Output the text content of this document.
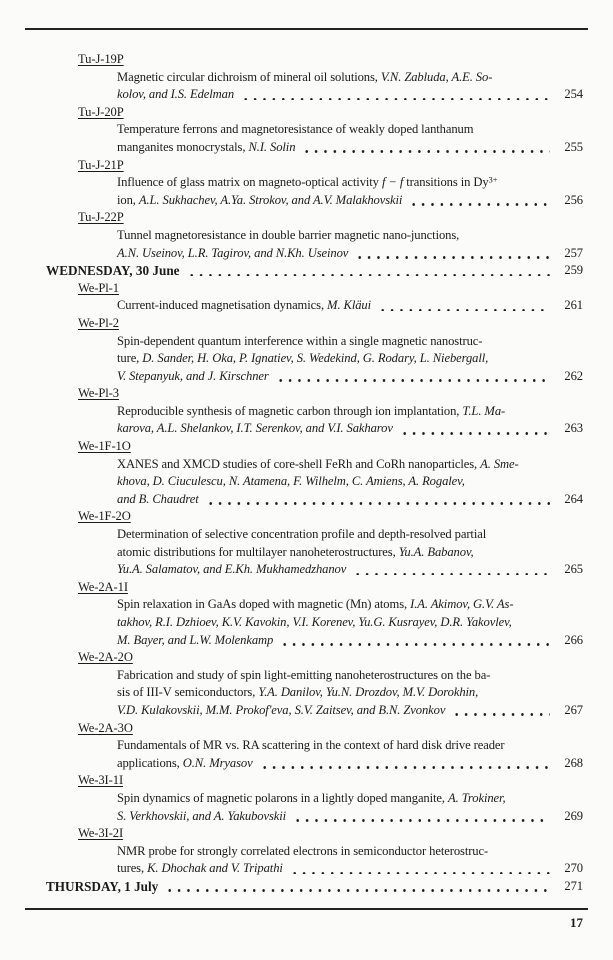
Tu-J-19P
Magnetic circular dichroism of mineral oil solutions, V.N. Zabluda, A.E. So-
kolov, and I.S. Edelman	254
Tu-J-20P
Temperature ferrons and magnetoresistance of weakly doped lanthanum
manganites monocrystals, N.I. Solin	255
Tu-J-21P
Influence of glass matrix on magneto-optical activity f − f transitions in $Dy^{3+}$
ion, A.L. Sukhachev, A.Ya. Strokov, and A.V. Malakhovskii	256
Tu-J-22P
Tunnel magnetoresistance in double barrier magnetic nano-junctions,
A.N. Useinov, L.R. Tagirov, and N.Kh. Useinov	257
WEDNESDAY, 30 June	259
We-Pl-1
Current-induced magnetisation dynamics, M. Kläui	261
We-Pl-2
Spin-dependent quantum interference within a single magnetic nanostruc-
ture, D. Sander, H. Oka, P. Ignatiev, S. Wedekind, G. Rodary, L. Niebergall,
V. Stepanyuk, and J. Kirschner	262
We-Pl-3
Reproducible synthesis of magnetic carbon through ion implantation, T.L. Ma-
karova, A.L. Shelankov, I.T. Serenkov, and V.I. Sakharov	263
We-1F-1O
XANES and XMCD studies of core-shell FeRh and CoRh nanoparticles, A. Sme-
khova, D. Ciuculescu, N. Atamena, F. Wilhelm, C. Amiens, A. Rogalev,
and B. Chaudret	264
We-1F-2O
Determination of selective concentration profile and depth-resolved partial
atomic distributions for multilayer nanoheterostructures, Yu.A. Babanov,
Yu.A. Salamatov, and E.Kh. Mukhamedzhanov	265
We-2A-1I
Spin relaxation in GaAs doped with magnetic (Mn) atoms, I.A. Akimov, G.V. As-
takhov, R.I. Dzhioev, K.V. Kavokin, V.I. Korenev, Yu.G. Kusrayev, D.R. Yakovlev,
M. Bayer, and L.W. Molenkamp	266
We-2A-2O
Fabrication and study of spin light-emitting nanoheterostructures on the ba-
sis of III-V semiconductors, Y.A. Danilov, Yu.N. Drozdov, M.V. Dorokhin,
V.D. Kulakovskii, M.M. Prokof'eva, S.V. Zaitsev, and B.N. Zvonkov	267
We-2A-3O
Fundamentals of MR vs. RA scattering in the context of hard disk drive reader
applications, O.N. Mryasov	268
We-3I-1I
Spin dynamics of magnetic polarons in a lightly doped manganite, A. Trokiner,
S. Verkhovskii, and A. Yakubovskii	269
We-3I-2I
NMR probe for strongly correlated electrons in semiconductor heterostruc-
tures, K. Dhochak and V. Tripathi	270
THURSDAY, 1 July	271
17
